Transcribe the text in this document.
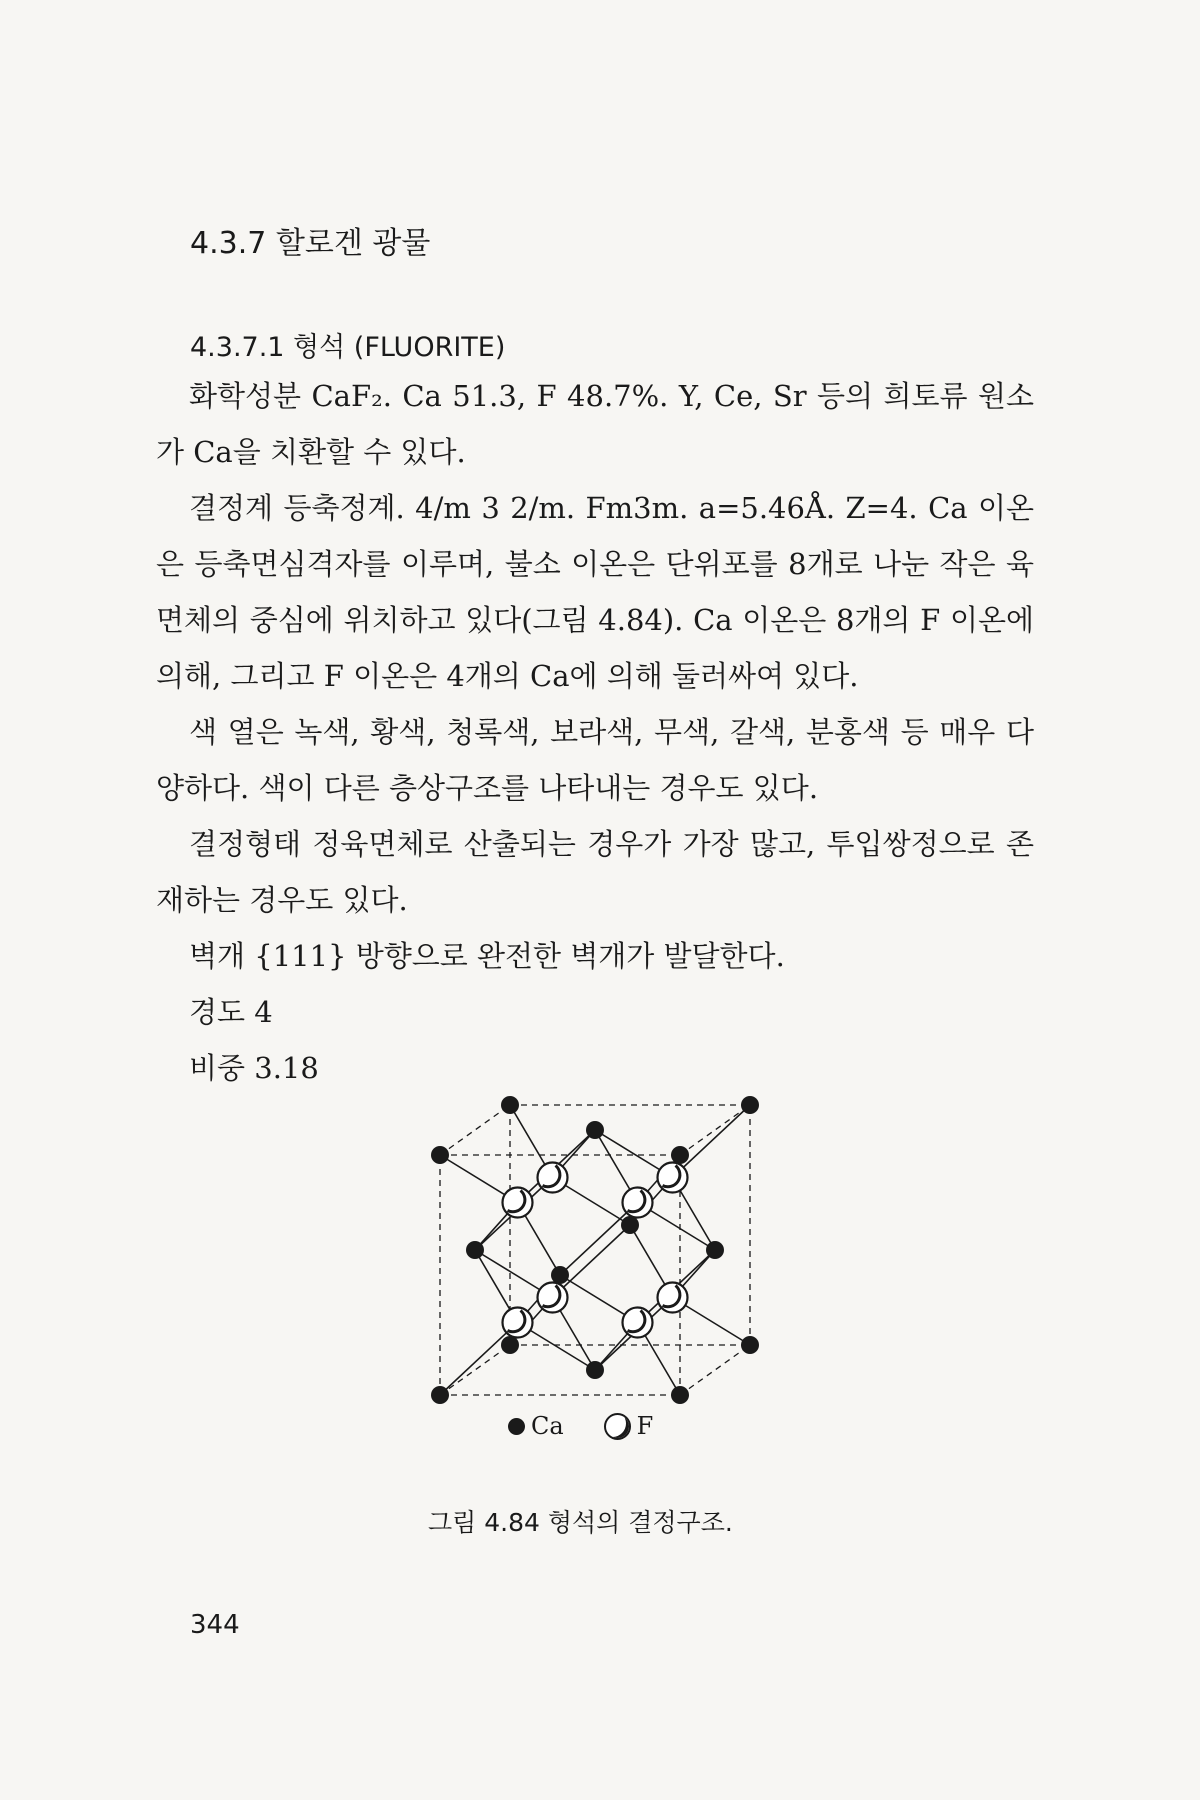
4.3.7 할로겐 광물
4.3.7.1 형석 (FLUORITE)

화학성분 CaF₂. Ca 51.3, F 48.7%. Y, Ce, Sr 등의 희토류 원소가 Ca을 치환할 수 있다.

결정계 등축정계. 4/m 3 2/m. Fm3m. a=5.46Å. Z=4. Ca 이온은 등축면심격자를 이루며, 불소 이온은 단위포를 8개로 나눈 작은 육면체의 중심에 위치하고 있다(그림 4.84). Ca 이온은 8개의 F 이온에 의해, 그리고 F 이온은 4개의 Ca에 의해 둘러싸여 있다.

색 열은 녹색, 황색, 청록색, 보라색, 무색, 갈색, 분홍색 등 매우 다양하다. 색이 다른 층상구조를 나타내는 경우도 있다.

결정형태 정육면체로 산출되는 경우가 가장 많고, 투입쌍정으로 존재하는 경우도 있다.

벽개 {111} 방향으로 완전한 벽개가 발달한다.

경도 4

비중 3.18

Ca	F
그림 4.84 형석의 결정구조.
344
